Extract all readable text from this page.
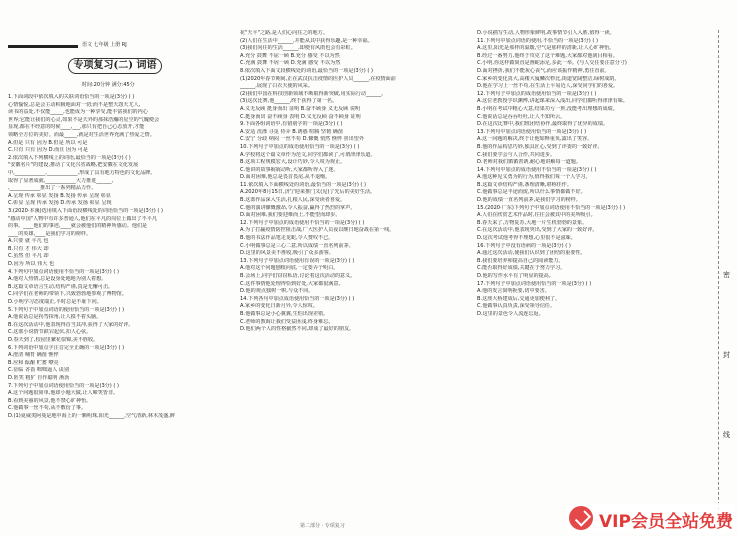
语文 七年级 上册 RJ
专项复习(二) 词语
时间:20分钟 满分:45分

1.下面词段中依次填入的关联词语恰当的一项是(3分) ( )

心情愉悦,总是会主动积极地面对一切;而不是整天怨天尤人,

读书的益处,不仅能_____,也能成为一种享受,能丰富我们的内心

世界;它能让我们的心灵,如果不是天外的那抹浩瀚的星空的气魄便会

显现,都在不经意的时候____,___,那只有把自己心态放开,才能

领略全方位的美好。而最_____,就是对生活世界充满了热爱之情。

A.但是 只有 因为 B.但是 所以 可是

C.只有 只有 因为 D.而且 因为 可是

2.依次填入下列横线上的词语,最恰当的一项是(3分) ( )

"安徽名片"的建设,推动了文化兴省战略,把安徽在文化发展

中,____________,____________,形成了具有地方特色的文化品牌。

取得了显著成就,____________大力推进______,

,____________推出了一系列精品力作。

A.呈现 传承 彰显 发扬 B.发扬 传承 呈现 彰显

C.彰显 呈现 传承 发扬 D.传承 发扬 彰显 呈现

3.(2020·本溪)选用填入下面语段横线处的词语恰当的一项是(3分) ( )

"感动中国"人物中有许多普通人,他们在平凡的岗位上做出了不平凡

的事。____他们的事迹,____就会被他们的精神所感动。他们是

____的英雄,____是我们学习的榜样。

A.只要 就 平凡 也

B.只有 才 伟大 却

C.虽然 但 平凡 却

D.因为 所以 伟大 也

4.下列句中加点词语使用不恰当的一项是(3分) ( )

A.他对人热情,总是设身处地地为别人着想。

B.这篇文章语言生动,结构严谨,真是无懈可击。

C.同学们在老师的带领下,兴致勃勃地参观了博物馆。

D.小明学习态度端正,平时总是不耻下问。

5.下列句子中加点词语的使用恰当的一项是(3分) ( )

A.他说话总是拐弯抹角,让人摸不着头脑。

B.在这次活动中,他表现得首当其冲,获得了大家的好评。

C.这部小说情节跌宕起伏,扣人心弦。

D.春天到了,校园里繁花似锦,美不胜收。

6.下列词语中加点字注音完全正确的一项是(3分) ( )

A.澄清 哺育 确凿 憔悴

B.应和 酝酿 贮蓄 嘹亮

C.莅临 吝啬 咄咄逼人 诀别

D.匿笑 粗犷 自作聪明 淅沥

7.下列句子中加点词语使用恰当的一项是(3分) ( )

A.这个问题很简单,他却小题大做,让人啼笑皆非。

B.看到美丽的风景,他不禁心旷神怡。

C.他做事一丝不苟,从不敷衍了事。

D.(1)夏威夷阿曼是地中海上的一颗明珠,阳光______,空气清新,林木茂盛,鲜

花"天平"之路,是人们心向往之的地方。

(2)人们在生活中______,并能从其中获得乐趣,是一种幸福。

(3)我们向往的生活______,即便有风雨也会有彩虹。

A.充分 鼓舞 不屈一顾 B.充分 感受 不以为然

C.充满 鼓舞 不屑一顾 D.充满 感受 不以为然

8.依次填入下面文段横线处的词语,最恰当的一项是(3分) ( )

(1)2020年春节期间,正在武汉抗击疫情的医护人员______,在疫情面前

______,展现了白衣天使的风采。

(2)我们中国在科技创新领域不断取得新突破,用实际行动______。

(3)这次比赛,他______,终于获得了第一名。

A.义无反顾 挺身而出 证明 B.奋不顾身 义无反顾 说明

C.挺身而出 奋不顾身 表明 D.义无反顾 奋不顾身 证明

9.下面各组词语中,有错别字的一项是(3分) ( )

A.安适 洗涤 寻觅 侍弄 B.诱惑 喧腾 坚韧 确凿

C.安宁 分歧 纳闷 一丝不苟 D.慷慨 悄然 憔悴 喜出望外

10.下列句子中加点的成语使用恰当的一项是(3分) ( )

A.学校将这个篇文章作为范文,同学们都读了,可谓津津乐道。

B.这项工程规模宏大,设计巧妙,令人叹为观止。

C.他讲的故事娓娓动听,大家都听得入了迷。

D.面对困难,他总是畏首畏尾,从不退缩。

11.依次填入下面横线处的词语,最恰当的一项是(3分) ( )

A.2020年8月15日,济宁迎来推门又(见)了先后的美好生活。

B.这部作品深入生活,扎根人民,深受读者喜爱。

C.他的演讲慷慨激昂,令人振奋,赢得了热烈的掌声。

D.面对困难,我们要迎难而上,不能望而却步。

12.下列句子中加点的成语使用不恰当的一项是(3分) ( )

A.为了打赢疫情防控阻击战,广大医护人员夜以继日地奋战在第一线。

B.他的书法作品笔走龙蛇,令人赞叹不已。

C.小明做事总是三心二意,所以成绩一直名列前茅。

D.这里的风景美不胜收,吸引了众多游客。

13.下列句子中加点词语使用有误的一项是(3分) ( )

A.他对这个问题刨根问底,一定要弄个明白。

B.会场上,同学们窃窃私语,讨论着这次活动的意义。

C.这件事情他处理得恰到好处,大家都很满意。

D.他的观点独树一帜,与众不同。

14.下列各句中加点成语使用恰当的一项是(3分) ( )

A.家乡的变化日新月异,令人惊叹。

B.他做事总是小心翼翼,生怕出现差错。

C.老师的教诲让我们受益匪浅,终身难忘。

D.他们两个人的性格截然不同,却成了最好的朋友。

D.小说描写生动,人物形象鲜明,故事情节引人入胜,值得一读。

11.下列句中加点词语的使用,不恰当的一项是(3分) ( )

A.这里,阳光是那样的温暖,空气是那样的清新,让人心旷神怡。

B.经过一番努力,他终于攻克了这个难题,大家都对他刮目相看。

C.小明,你这样做简直是画蛇添足,多此一举。(与人交往要注意分寸)

D.面对挫折,我们不能灰心丧气,而应该振作精神,勇往直前。

C.家乡的变化真大,高楼大厦鳞次栉比,街道宽阔整洁,绿树成荫。

D.他在学习上一丝不苟,在生活上平易近人,深受同学们的喜爱。

12.下列句子中加点的成语使用恰当的一项是(3分) ( )

A.这位老教授学识渊博,讲起课来深入浅出,同学们都听得津津有味。

B.小明在考试中粗心大意,结果功亏一篑,没能考出理想的成绩。

C.他说话总是吞吞吐吐,让人不知所云。

D.在这次比赛中,我们班团结协作,最终取得了优异的成绩。

13.下列句中加点词语使用恰当的一项是(3分) ( )

A.这一问题的解决,终于让他如释重负,露出了笑容。

B.他的作品构思巧妙,独具匠心,受到了评委的一致好评。

C.我们要学会与人合作,共同进步。

D.老师对我们循循善诱,耐心地讲解每一道题。

14.下列句中加点的成语使用不恰当的一项是(3分) ( )

A.他这种见义勇为的行为,值得我们每一个人学习。

B.这篇文章结构严谨,条理清晰,堪称佳作。

C.他做事总是半途而废,所以什么事情都做不好。

D.他的成绩一直名列前茅,是我们学习的榜样。

15.(2020·广东)下列句子中加点词语使用不恰当的一项是(3分) ( )

A.人们在欣赏艺术作品时,往往会被其中的美所吸引。

B.春天来了,万物复苏,大地一片生机勃勃的景象。

C.在这次活动中,他表现突出,受到了大家的一致好评。

D.这次考试他考得不理想,心里很不是滋味。

16.下列句子中没有语病的一项是(3分) ( )

A.通过这次活动,使我们认识到了团结的重要性。

B.我们要培养和提高自己的阅读能力。

C.能否取得好成绩,关键在于努力学习。

D.他的写作水平有了明显的提高。

17.下列句子中加点词语使用恰当的一项是(3分) ( )

A.他的发言简明扼要,切中要害。

B.这座大桥建成后,交通更加便利了。

C.他做事认真负责,深受领导信任。

D.这里的景色令人流连忘返。

密
封
线
第二部分 · 专项复习	VIP会员全站免费
